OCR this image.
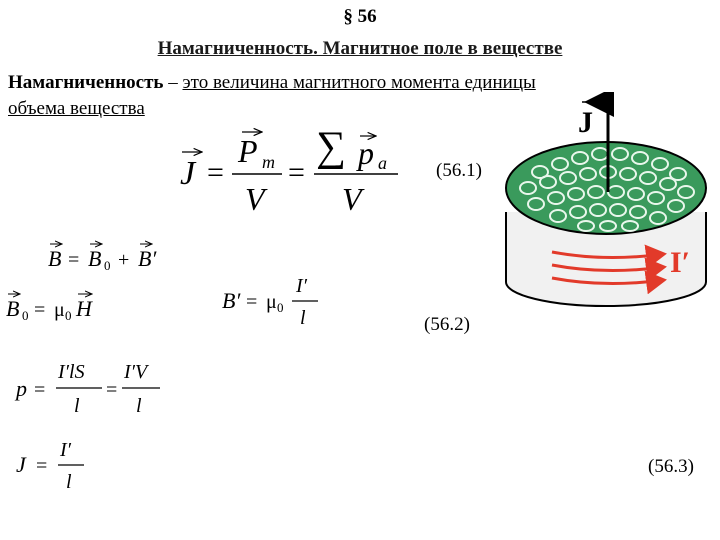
§ 56
Намагниченность. Магнитное поле в веществе
Намагниченность – это величина магнитного момента единицы
объема вещества
J =
P m
V
=
∑ p a
V
(56.1)
B = B 0 + B′
B 0 = μ 0 H	B′ = μ 0
I′
l	(56.2)
p =
I′lS
l
=
I′V
l
J =
I′
l
(56.3)
I′
J
